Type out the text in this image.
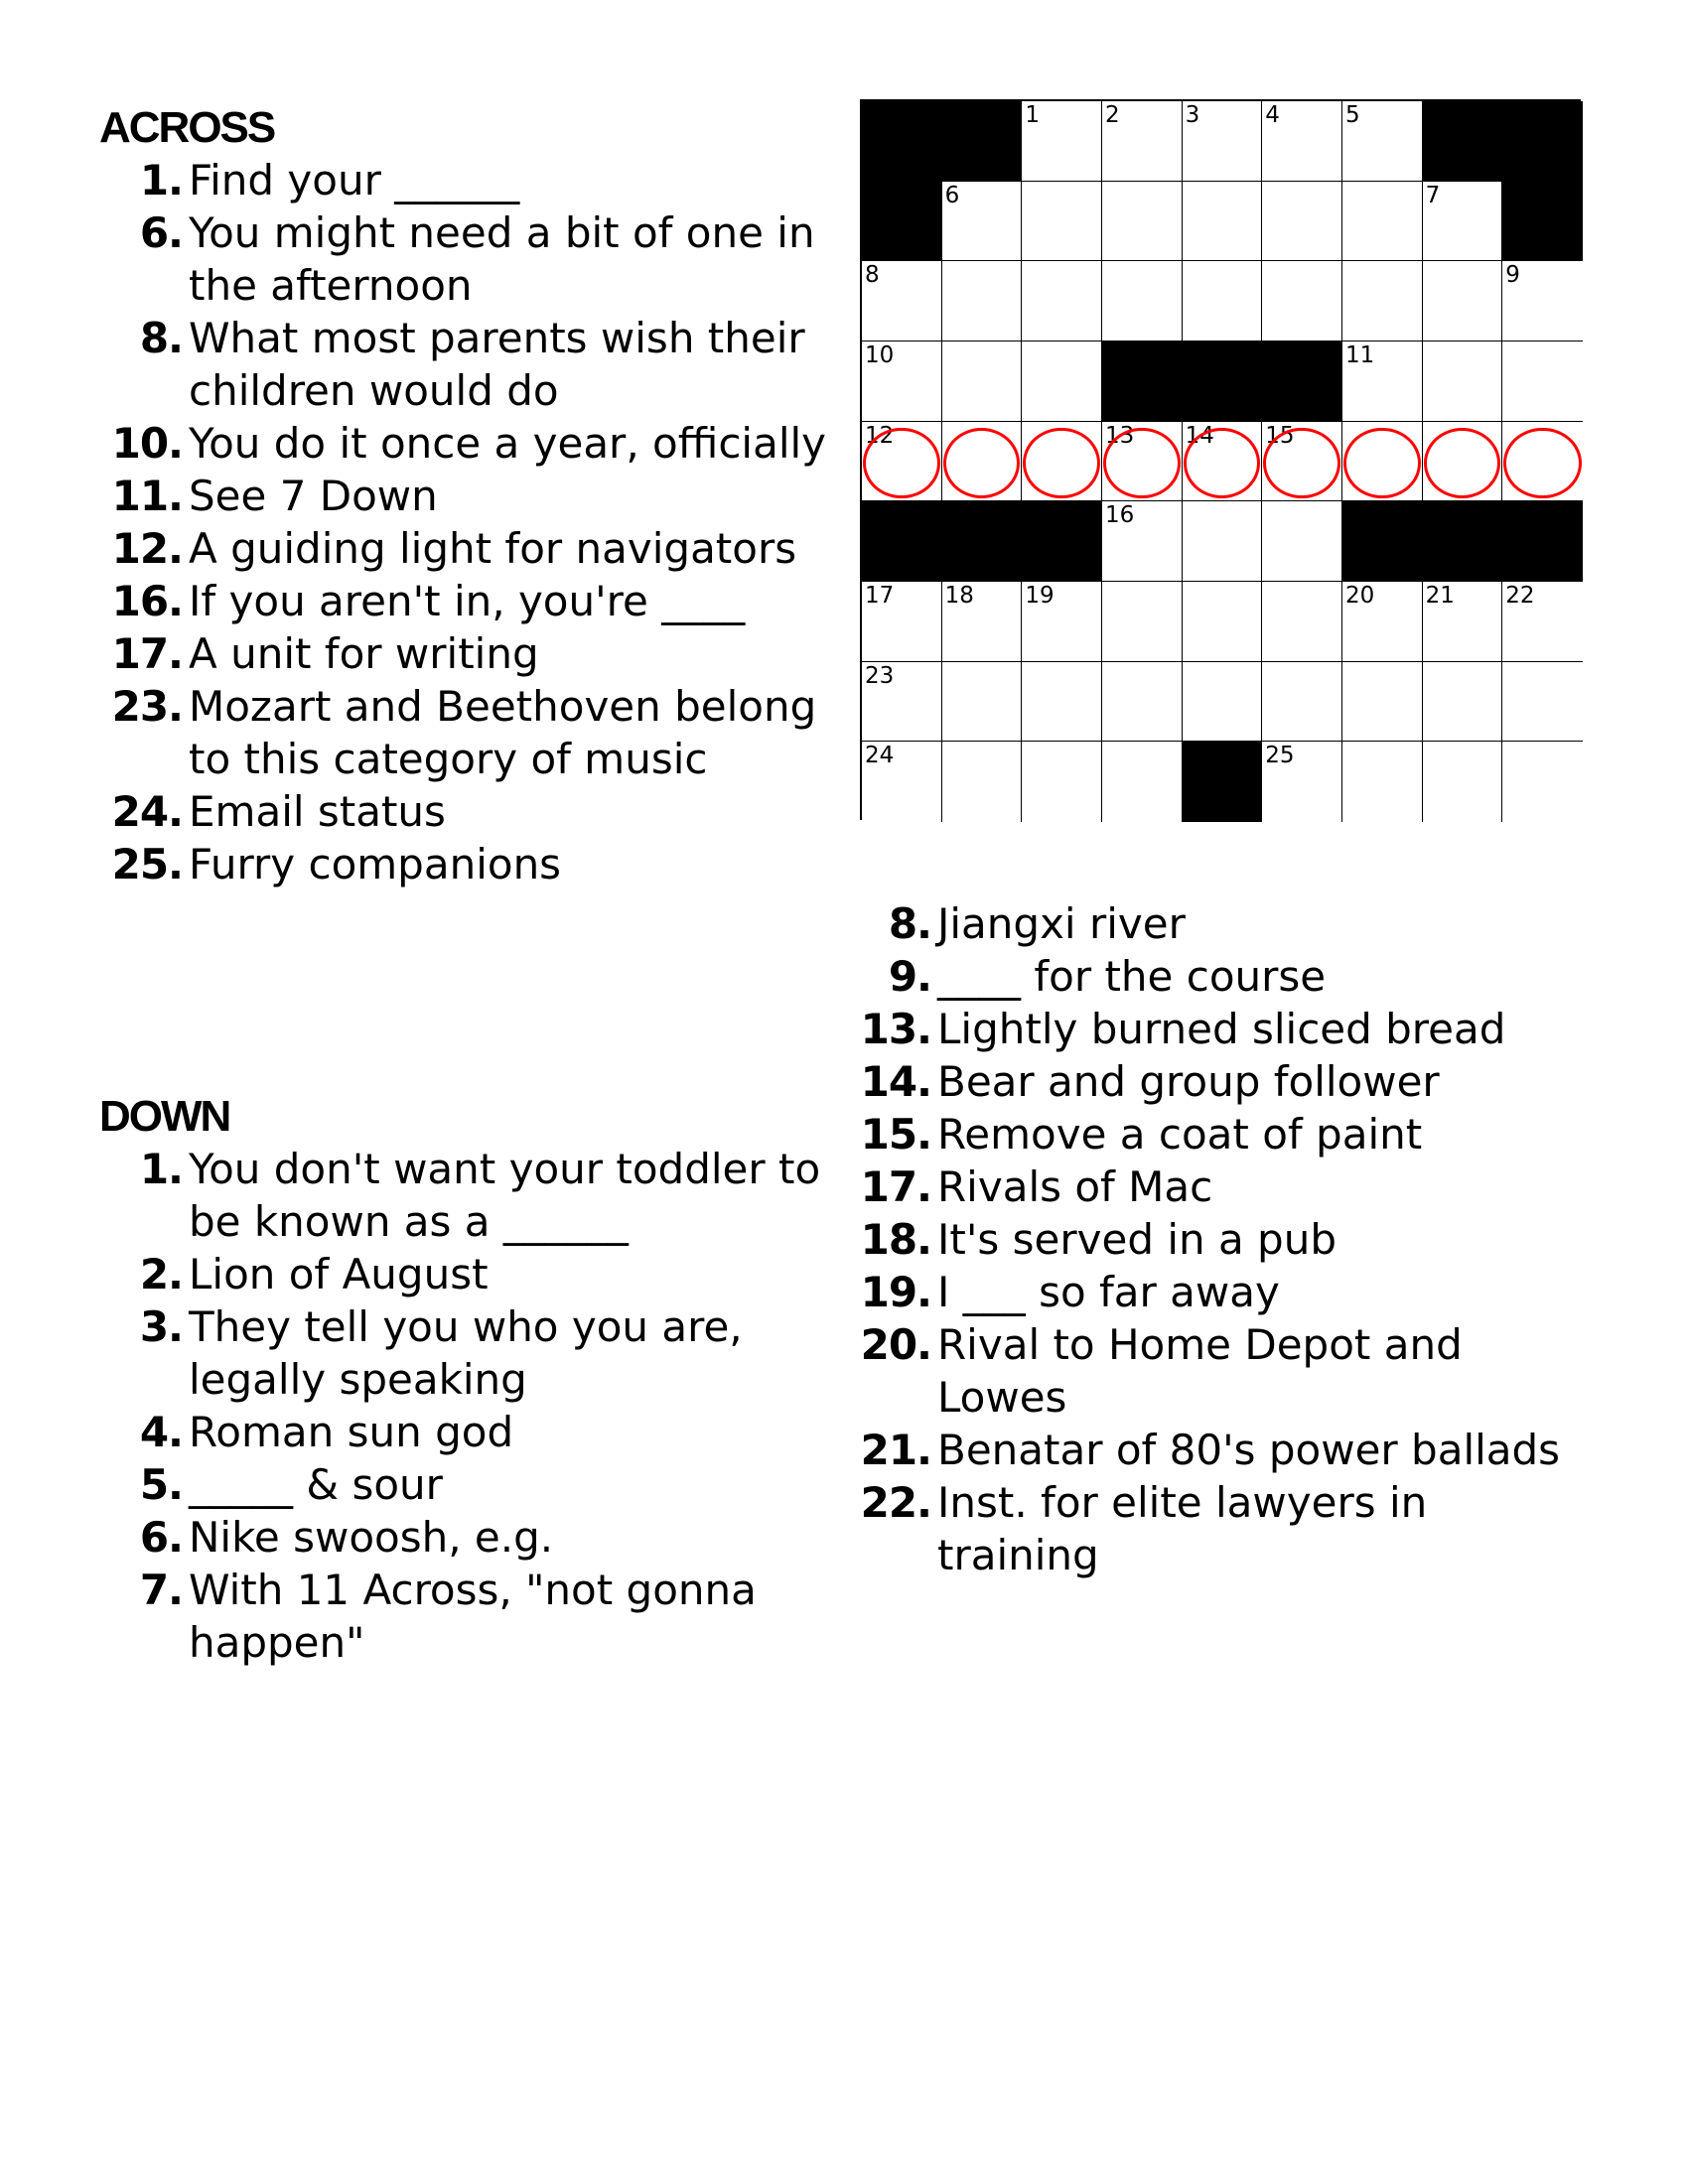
ACROSS
1. Find your ______
6. You might need a bit of one in the afternoon
8. What most parents wish their children would do
10. You do it once a year, officially
11. See 7 Down
12. A guiding light for navigators
16. If you aren't in, you're ____
17. A unit for writing
23. Mozart and Beethoven belong to this category of music
24. Email status
25. Furry companions
DOWN
1. You don't want your toddler to be known as a ______
2. Lion of August
3. They tell you who you are, legally speaking
4. Roman sun god
5. _____ & sour
6. Nike swoosh, e.g.
7. With 11 Across, "not gonna happen"
8. Jiangxi river
9. ____ for the course
13. Lightly burned sliced bread
14. Bear and group follower
15. Remove a coat of paint
17. Rivals of Mac
18. It's served in a pub
19. I ___ so far away
20. Rival to Home Depot and Lowes
21. Benatar of 80's power ballads
22. Inst. for elite lawyers in training
1	2	3	4	5
6	7
8	9
10	11
12	13 14 15
16
17 18 19	20 21 22
23
24	25
